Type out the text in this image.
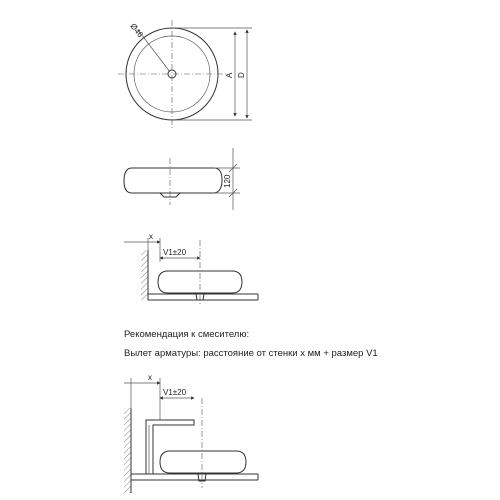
Ø46
A D
120
x
V1±20
x
V1±20
Рекомендация к смесителю:
Вылет арматуры: расстояние от стенки х мм + размер V1
